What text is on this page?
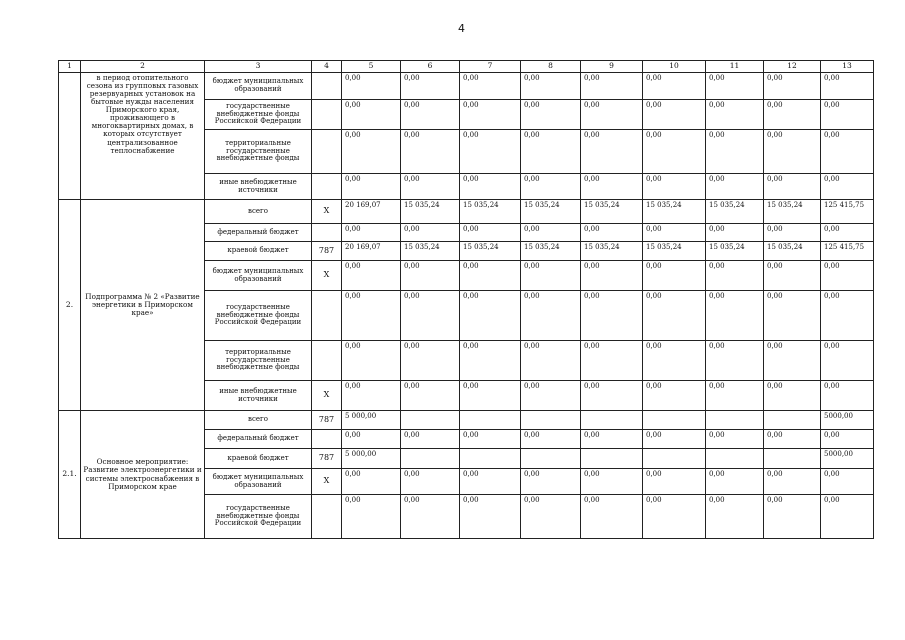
4
1	2	3	4	5	6	7	8	9	10	11	12	13
	в период отопительного сезона из групповых газовых резервуарных установок на бытовые нужды населения Приморского края, проживающего в многоквартирных домах, в которых отсутствует централизованное теплоснабжение	бюджет муниципальных образований		0,00	0,00	0,00	0,00	0,00	0,00	0,00	0,00	0,00
		государственные внебюджетные фонды Российской Федерации		0,00	0,00	0,00	0,00	0,00	0,00	0,00	0,00	0,00
		территориальные государственные внебюджетные фонды		0,00	0,00	0,00	0,00	0,00	0,00	0,00	0,00	0,00
		иные внебюджетные источники		0,00	0,00	0,00	0,00	0,00	0,00	0,00	0,00	0,00
2.	Подпрограмма № 2 «Развитие энергетики в Приморском крае»	всего	X	20 169,07	15 035,24	15 035,24	15 035,24	15 035,24	15 035,24	15 035,24	15 035,24	125 415,75
		федеральный бюджет		0,00	0,00	0,00	0,00	0,00	0,00	0,00	0,00	0,00
		краевой бюджет	787	20 169,07	15 035,24	15 035,24	15 035,24	15 035,24	15 035,24	15 035,24	15 035,24	125 415,75
		бюджет муниципальных образований	X	0,00	0,00	0,00	0,00	0,00	0,00	0,00	0,00	0,00
		государственные внебюджетные фонды Российской Федерации		0,00	0,00	0,00	0,00	0,00	0,00	0,00	0,00	0,00
		территориальные государственные внебюджетные фонды		0,00	0,00	0,00	0,00	0,00	0,00	0,00	0,00	0,00
		иные внебюджетные источники	X	0,00	0,00	0,00	0,00	0,00	0,00	0,00	0,00	0,00
2.1.	Основное мероприятие: Развитие электроэнергетики и системы электроснабжения в Приморском крае	всего	787	5 000,00								5000,00
		федеральный бюджет		0,00	0,00	0,00	0,00	0,00	0,00	0,00	0,00	0,00
		краевой бюджет	787	5 000,00								5000,00
		бюджет муниципальных образований	X	0,00	0,00	0,00	0,00	0,00	0,00	0,00	0,00	0,00
		государственные внебюджетные фонды Российской Федерации		0,00	0,00	0,00	0,00	0,00	0,00	0,00	0,00	0,00
